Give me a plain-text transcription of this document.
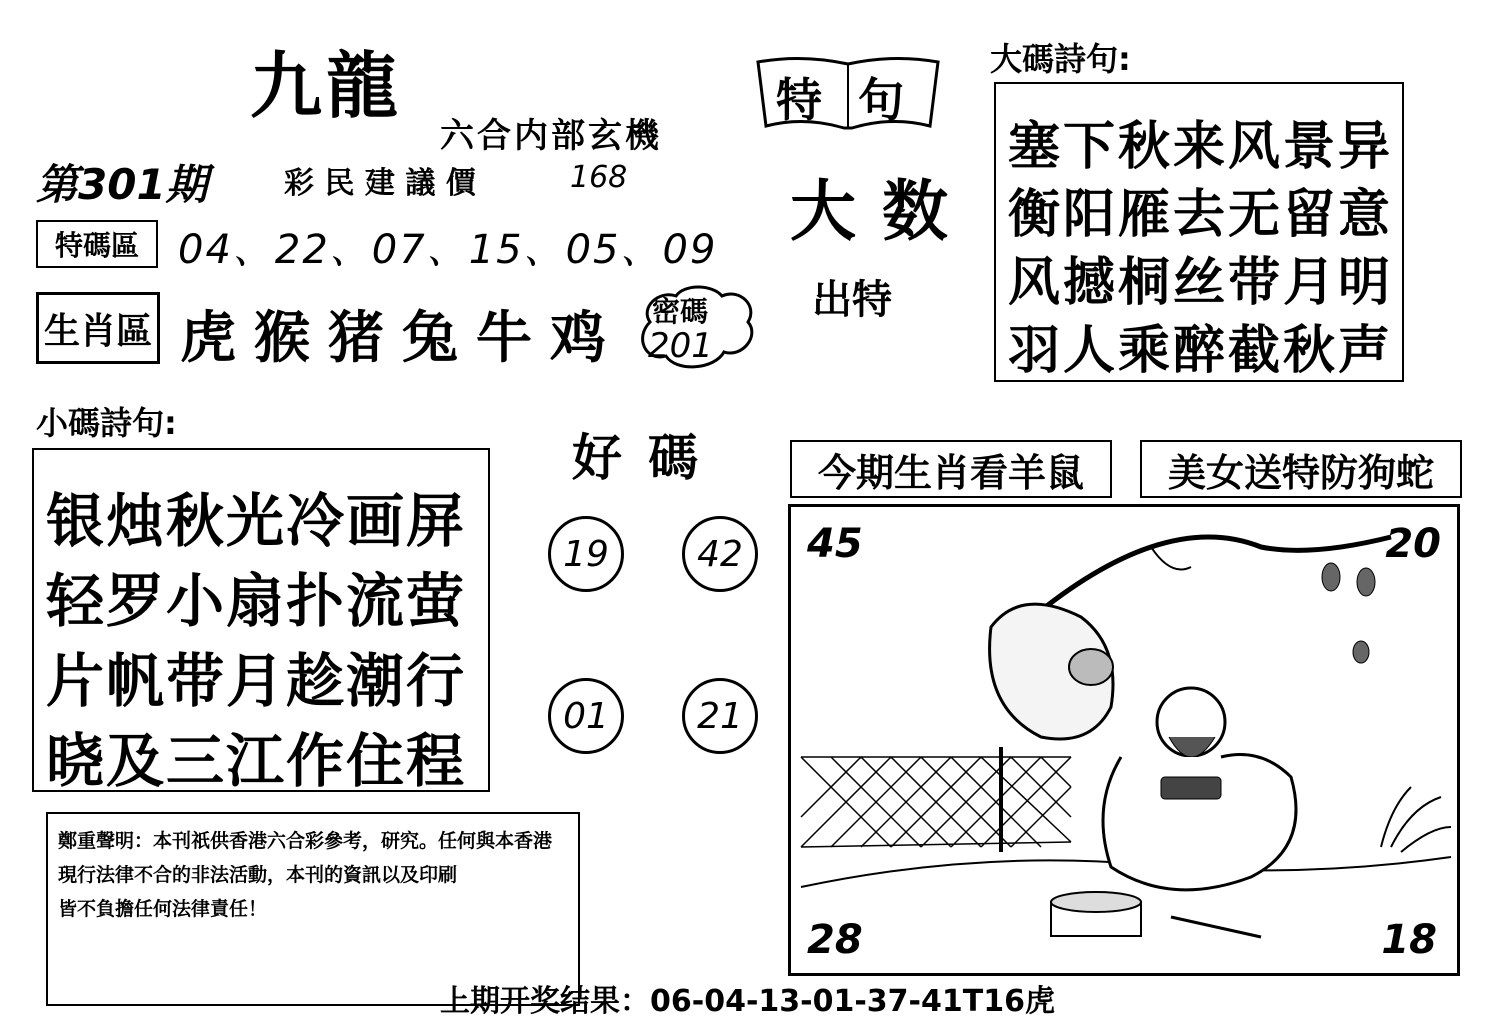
九龍
六合内部玄機
第301期	彩 民 建 議 價	168
特碼區 04、22、07、15、05、09
生肖區 虎猴猪兔牛鸡 密碼
201
特句
大数
出特
大碼詩句:
塞下秋来风景异
衡阳雁去无留意
风撼桐丝带月明
羽人乘醉截秋声
小碼詩句:
银烛秋光冷画屏
轻罗小扇扑流萤
片帆带月趁潮行
晓及三江作住程
好碼
19	42
01	21
今期生肖看羊鼠 美女送特防狗蛇
45	20
28	18
鄭重聲明：本刊祇供香港六合彩參考，研究。任何與本香港
現行法律不合的非法活動，本刊的資訊以及印刷
皆不負擔任何法律責任！
上期开奖结果：06-04-13-01-37-41T16虎
